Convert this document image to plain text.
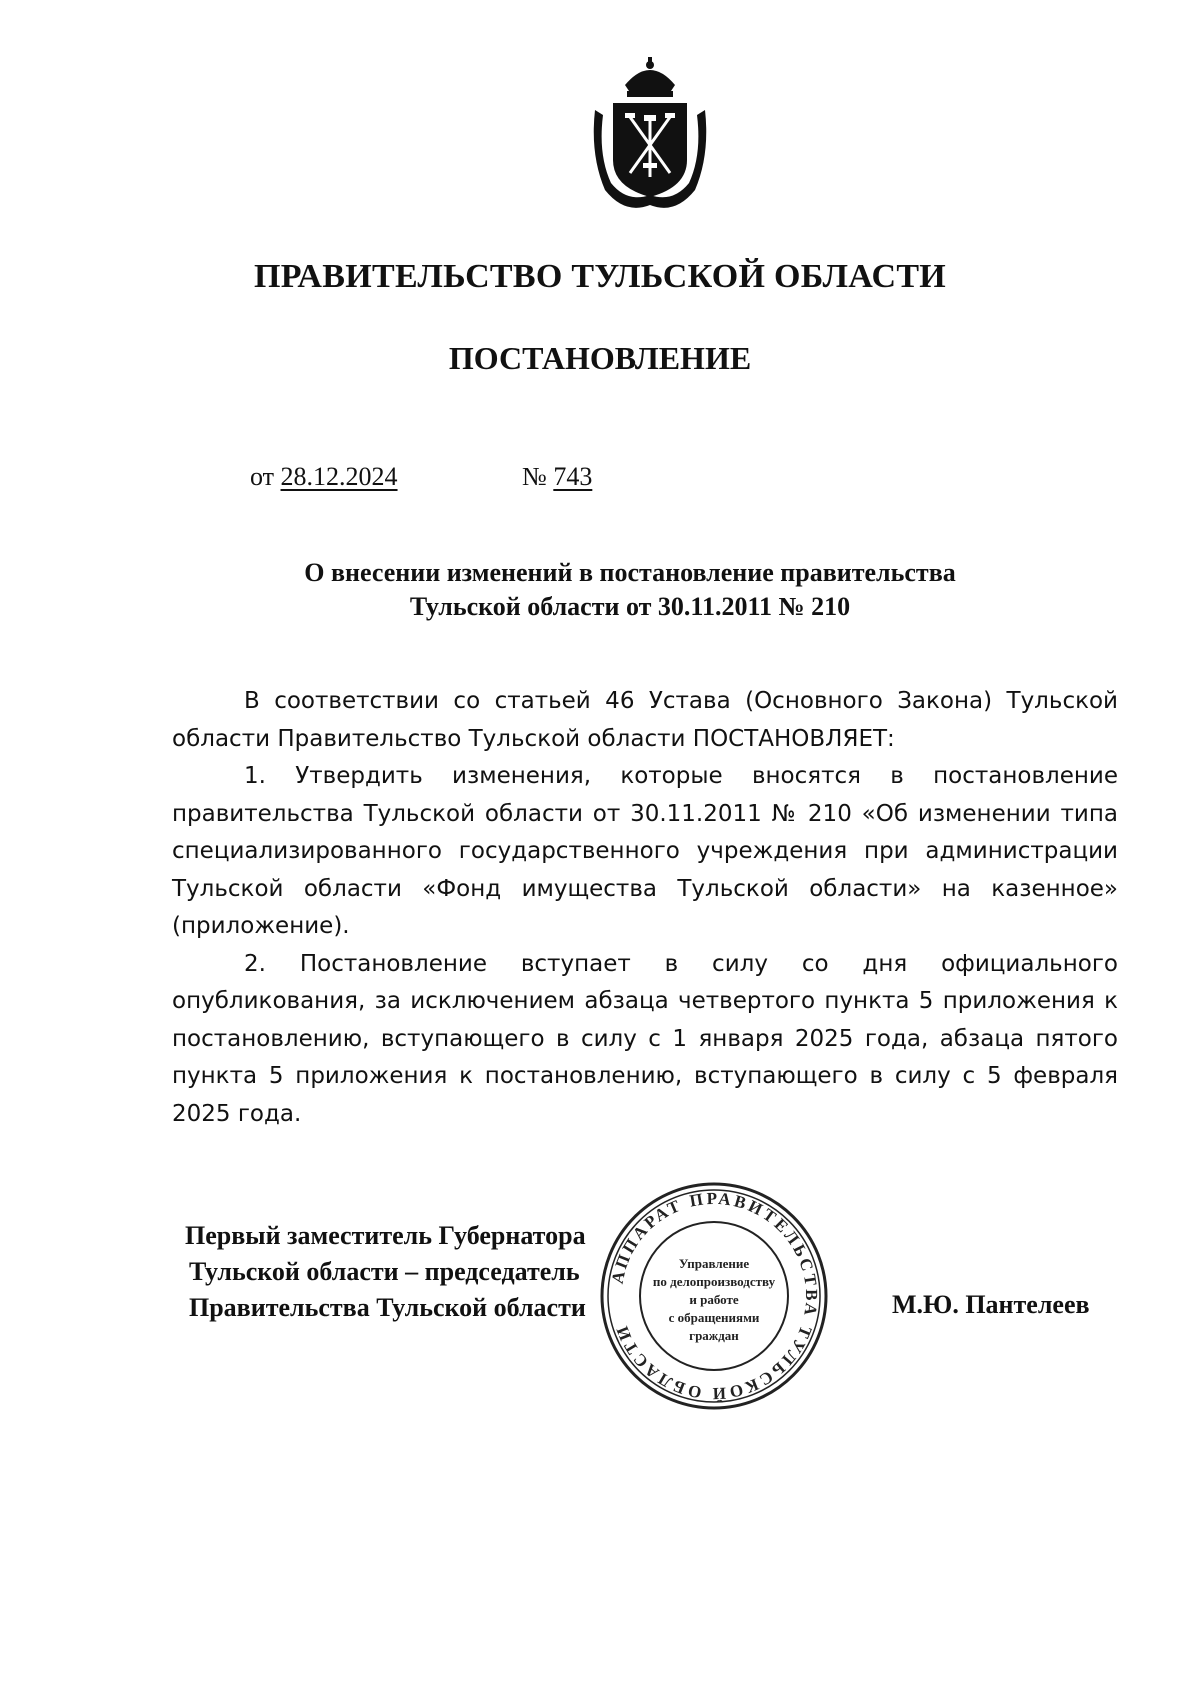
ПРАВИТЕЛЬСТВО ТУЛЬСКОЙ ОБЛАСТИ
ПОСТАНОВЛЕНИЕ
от 28.12.2024	№ 743
О внесении изменений в постановление правительства
Тульской области от 30.11.2011 № 210

В соответствии со статьей 46 Устава (Основного Закона) Тульской области Правительство Тульской области ПОСТАНОВЛЯЕТ:

1. Утвердить изменения, которые вносятся в постановление правительства Тульской области от 30.11.2011 № 210 «Об изменении типа специализированного государственного учреждения при администрации Тульской области «Фонд имущества Тульской области» на казенное» (приложение).

2. Постановление вступает в силу со дня официального опубликования, за исключением абзаца четвертого пункта 5 приложения к постановлению, вступающего в силу с 1 января 2025 года, абзаца пятого пункта 5 приложения к постановлению, вступающего в силу с 5 февраля 2025 года.

Первый заместитель Губернатора
Тульской области – председатель
Правительства Тульской области
АППАРАТ ПРАВИТЕЛЬСТВА ТУЛЬСКОЙ ОБЛАСТИ
Управление
по делопроизводству
и работе
с обращениями
граждан
М.Ю. Пантелеев
